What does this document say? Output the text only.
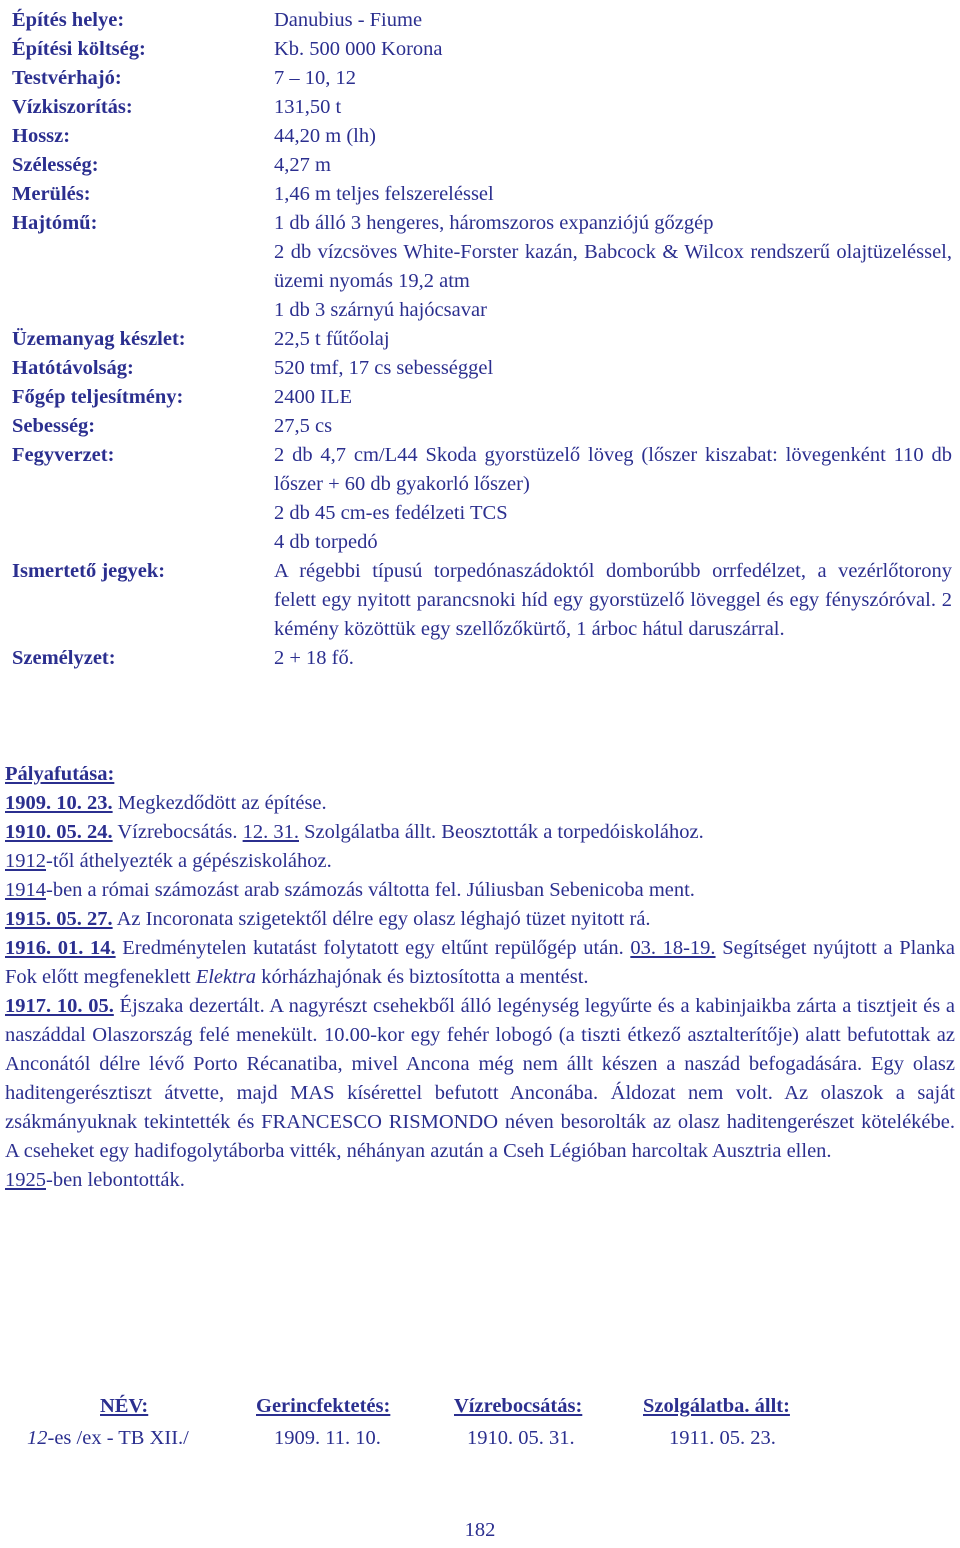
Építés helye:	Danubius - Fiume
Építési költség:	Kb. 500 000 Korona
Testvérhajó:	7 – 10, 12
Vízkiszorítás:	131,50 t
Hossz:	44,20 m (lh)
Szélesség:	4,27 m
Merülés:	1,46 m teljes felszereléssel
Hajtómű:	1 db álló 3 hengeres, háromszoros expanziójú gőzgép
2 db vízcsöves White-Forster kazán, Babcock & Wilcox rendszerű olajtüzeléssel, üzemi nyomás 19,2 atm
1 db 3 szárnyú hajócsavar
Üzemanyag készlet:	22,5 t fűtőolaj
Hatótávolság:	520 tmf, 17 cs sebességgel
Főgép teljesítmény:	2400 ILE
Sebesség:	27,5 cs
Fegyverzet:	2 db 4,7 cm/L44 Skoda gyorstüzelő löveg (lőszer kiszabat: lövegenként 110 db lőszer + 60 db gyakorló lőszer)
2 db 45 cm-es fedélzeti TCS
4 db torpedó
Ismertető jegyek:	A régebbi típusú torpedónaszádoktól domborúbb orrfedélzet, a vezérlőtorony felett egy nyitott parancsnoki híd egy gyorstüzelő löveggel és egy fényszóróval. 2 kémény közöttük egy szellőzőkürtő, 1 árboc hátul daruszárral.
Személyzet:	2 + 18 fő.

Pályafutása:

1909. 10. 23. Megkezdődött az építése.

1910. 05. 24. Vízrebocsátás. 12. 31. Szolgálatba állt. Beosztották a torpedóiskolához.

1912-től áthelyezték a gépésziskolához.

1914-ben a római számozást arab számozás váltotta fel. Júliusban Sebenicoba ment.

1915. 05. 27. Az Incoronata szigetektől délre egy olasz léghajó tüzet nyitott rá.

1916. 01. 14. Eredménytelen kutatást folytatott egy eltűnt repülőgép után. 03. 18-19. Segítséget nyújtott a Planka Fok előtt megfeneklett Elektra kórházhajónak és biztosította a mentést.

1917. 10. 05. Éjszaka dezertált. A nagyrészt csehekből álló legénység legyűrte és a kabinjaikba zárta a tisztjeit és a naszáddal Olaszország felé menekült. 10.00-kor egy fehér lobogó (a tiszti étkező asztalterítője) alatt befutottak az Anconától délre lévő Porto Récanatiba, mivel Ancona még nem állt készen a naszád befogadására. Egy olasz haditengerésztiszt átvette, majd MAS kísérettel befutott Anconába. Áldozat nem volt. Az olaszok a saját zsákmányuknak tekintették és FRANCESCO RISMONDO néven besorolták az olasz haditengerészet kötelékébe. A cseheket egy hadifogolytáborba vitték, néhányan azután a Cseh Légióban harcoltak Ausztria ellen.

1925-ben lebontották.

NÉV:	Gerincfektetés:	Vízrebocsátás:	Szolgálatba. állt:
12-es /ex - TB XII./	1909. 11. 10.	1910. 05. 31.	1911. 05. 23.
182
